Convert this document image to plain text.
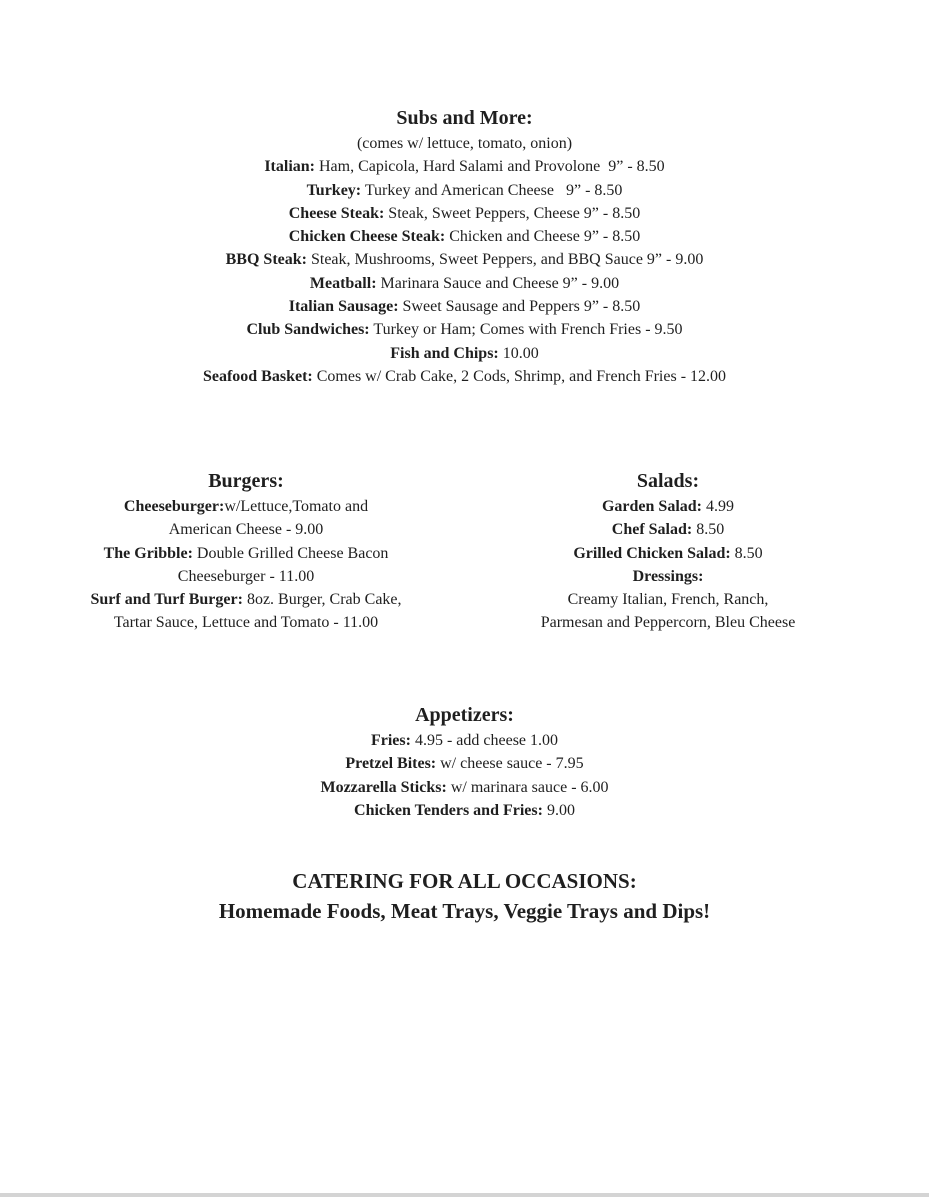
Subs and More:
(comes w/ lettuce, tomato, onion)
Italian: Ham, Capicola, Hard Salami and Provolone  9” - 8.50
Turkey: Turkey and American Cheese   9” - 8.50
Cheese Steak: Steak, Sweet Peppers, Cheese 9” - 8.50
Chicken Cheese Steak: Chicken and Cheese 9” - 8.50
BBQ Steak: Steak, Mushrooms, Sweet Peppers, and BBQ Sauce 9” - 9.00
Meatball: Marinara Sauce and Cheese 9” - 9.00
Italian Sausage: Sweet Sausage and Peppers 9” - 8.50
Club Sandwiches: Turkey or Ham; Comes with French Fries - 9.50
Fish and Chips: 10.00
Seafood Basket: Comes w/ Crab Cake, 2 Cods, Shrimp, and French Fries - 12.00
Burgers:
Cheeseburger:w/Lettuce,Tomato and
American Cheese - 9.00
The Gribble: Double Grilled Cheese Bacon
Cheeseburger - 11.00
Surf and Turf Burger: 8oz. Burger, Crab Cake,
Tartar Sauce, Lettuce and Tomato - 11.00
Salads:
Garden Salad: 4.99
Chef Salad: 8.50
Grilled Chicken Salad: 8.50
Dressings:
Creamy Italian, French, Ranch,
Parmesan and Peppercorn, Bleu Cheese
Appetizers:
Fries: 4.95 - add cheese 1.00
Pretzel Bites: w/ cheese sauce - 7.95
Mozzarella Sticks: w/ marinara sauce - 6.00
Chicken Tenders and Fries: 9.00
CATERING FOR ALL OCCASIONS:
Homemade Foods, Meat Trays, Veggie Trays and Dips!
